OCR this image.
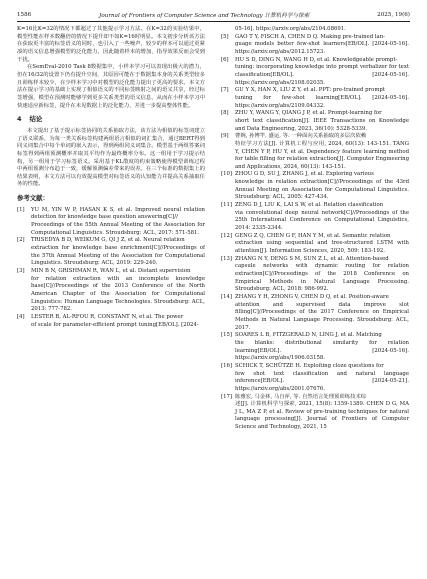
1586	Journal of Frontiers of Computer Science and Technology 计算机科学与探索	2025, 19(6)

K=16比K=32的情况下都超过了其他提示学习方法。在K=32的实验结果中，模型性能在样本数翻倍的情况下提升却不如K=16时明显。本文初步分析该方法在获取更丰富的标签语义的同时，也引入了一些噪声，较少的样本可以通过更紧凑的语义信息增强模型的泛化能力，因此随着样本的增加，指导效果反而会受到干扰。

在SemEval-2010 Task 8数据集中，小样本学习可以表现出极大的潜力，但在16/32的设置下仍有提升空间，其原因可能在于数据集本身的关系类型较多且训练样本较少，在少样本学习中对模型的泛化能力提出了更高的要求。本文方法在提示学习的基础上实现了相似语义的不同标签映射之间的语义共享，经过标签增强，模型在预测时能够学到更多关系类型的语义信息，从而在小样本学习中快速适应新标签，提升在未见数据上的泛化能力，并进一步提高整体性能。

4 结论

本文提出了基于提示标签协同的关系抽取方法，该方法为相似的标签词建立了语义联系，为每一类关系标签构建两组语言相似的词汇集合，通过BERT得到同义词集合中每个单词的嵌入表示，得到两组同义词集合。模型基于两组答案词标签得到两组预测概率并取其平均作为最终概率分布。这一组用于学习提示结构，另一组用于学习标签语义。采用基于KL散度的约束策略使得模型训练过程中两组预测分布趋于一致，缓解预测偏差带来的误差。在三个标准的数据集上的结果表明，本文方法可以有效提高模型对标签语义的认知能力并提高关系抽取任务的性能。

参考文献：
[1]	YU M, YIN W P, HASAN K S, et al. Improved neural relation detection for knowledge base question answering[C]//
Proceedings of the 55th Annual Meeting of the Association for Computational Linguistics. Stroudsburg: ACL, 2017: 571-581.
[2]	TRISEDYA B D, WEIKUM G, QI J Z, et al. Neural relation
extraction for knowledge base enrichment[C]//Proceedings of the 57th Annual Meeting of the Association for Computational Linguistics. Stroudsburg: ACL, 2019: 229-240.
[3]	MIN B N, GRISHMAN R, WAN L, et al. Distant supervision
for relation extraction with an incomplete knowledge base[C]//Proceedings of the 2013 Conference of the North American Chapter of the Association for Computational Linguistics: Human Language Technologies. Stroudsburg: ACL, 2013: 777-782.
[4]	LESTER B, AL-RFOU R, CONSTANT N, et al. The power
of scale for parameter-efficient prompt tuning[EB/OL]. [2024-
05-16]. https://arxiv.org/abs/2104.08691.
[5]	GAO T Y, FISCH A, CHEN D Q. Making pre-trained lan-
guage models better few-shot learners[EB/OL]. [2024-05-16]. https://arxiv.org/abs/2012.15723.
[6]	HU S D, DING N, WANG H D, et al. Knowledgeable prompt-
tuning: incorporating knowledge into prompt verbalizer for text classification[EB/OL]. [2024-05-16]. https://arxiv.org/abs/2108.02035.
[7]	GU Y X, HAN X, LIU Z Y, et al. PPT: pre-trained prompt
tuning for few-shot learning[EB/OL]. [2024-05-16]. https://arxiv.org/abs/2109.04332.
[8]	ZHU Y, WANG Y, QIANG J P, et al. Prompt-learning for
short text classification[J]. IEEE Transactions on Knowledge and Data Engineering, 2023, 36(10): 5328-5339.
[9]	曹婉, 孙博竿, 盛运, 等. 一种面向关系抽取的多层次依赖
特征学习方法[J]. 计算机工程与应用, 2024, 60(13): 143-151. TANG Y, CHEN Y P, HU Y, et al. Dependency feature learning method for table filling for relation extraction[J]. Computer Engineering and Applications, 2024, 60(13): 143-151.
[10] ZHOU G D, SU J, ZHANG J, et al. Exploring various
knowledge in relation extraction[C]//Proceedings of the 43rd Annual Meeting on Association for Computational Linguistics. Stroudsburg: ACL, 2005: 427-434.
[11] ZENG D J, LIU K, LAI S W, et al. Relation classification
via convolutional deep neural network[C]//Proceedings of the 25th International Conference on Computational Linguistics, 2014: 2335-2344.
[12] GENG Z Q, CHEN G F, HAN Y M, et al. Semantic relation
extraction using sequential and tree-structured LSTM with attention[J]. Information Sciences, 2020, 509: 183-192.
[13] ZHANG N Y, DENG S M, SUN Z L, et al. Attention-based
capsule networks with dynamic routing for relation extraction[C]//Proceedings of the 2018 Conference on Empirical Methods in Natural Language Processing. Stroudsburg: ACL, 2018: 986-992.
[14] ZHANG Y H, ZHONG V, CHEN D Q, et al. Position-aware
attention and supervised data improve slot filling[C]//Proceedings of the 2017 Conference on Empirical Methods in Natural Language Processing. Stroudsburg: ACL, 2017.
[15] SOARES L B, FITZGERALD N, LING J, et al. Matching
the blanks: distributional similarity for relation learning[EB/OL]. [2024-05-16]. https://arxiv.org/abs/1906.03158.
[16] SCHICK T, SCHÜTZE H. Exploiting cloze questions for
few shot text classification and natural language inference[EB/OL]. [2024-05-21]. https://arxiv.org/abs/2001.07676.
[17] 陈雅宏, 马金林, 马自萍, 等. 自然语言处理预训练技术综
述[J]. 计算机科学与探索, 2021, 15(8): 1359-1389. CHEN D G, MA J L, MA Z P, et al. Review of pre-training techniques for natural language processing[J]. Journal of Frontiers of Computer Science and Technology, 2021, 15
